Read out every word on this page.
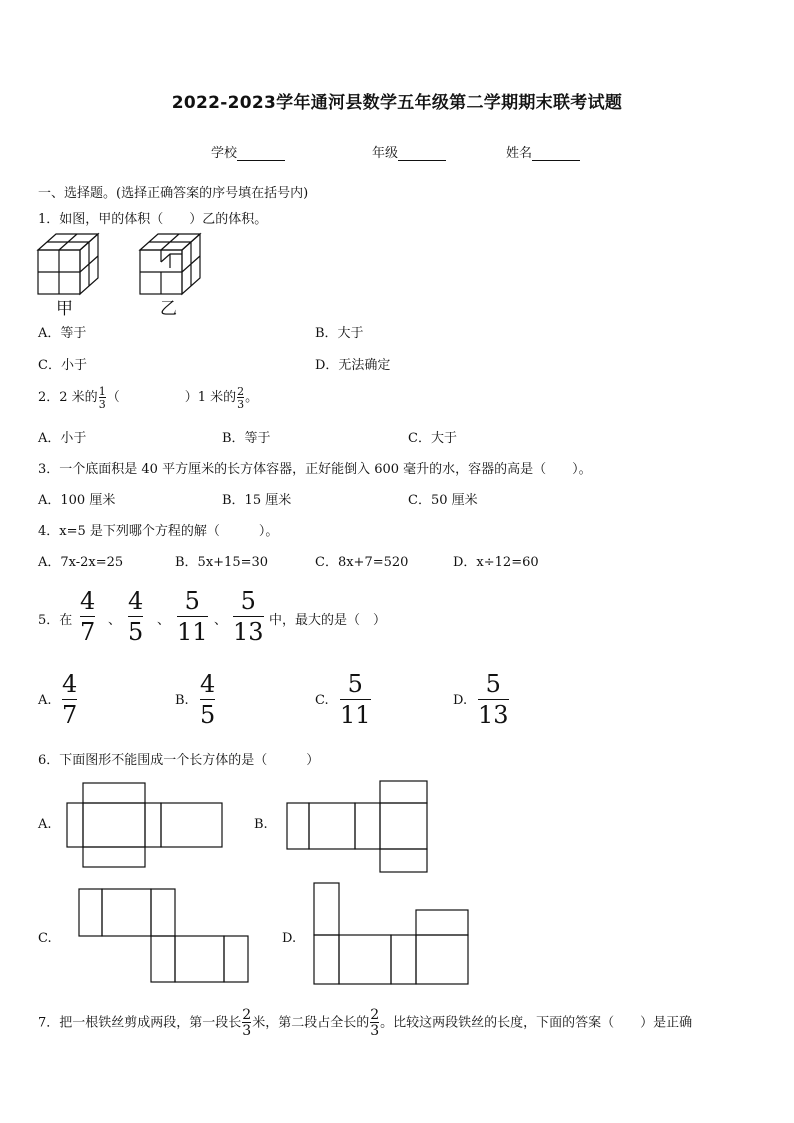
2022-2023学年通河县数学五年级第二学期期末联考试题
学校	年级	姓名
一、选择题。(选择正确答案的序号填在括号内)
1．如图，甲的体积（　　）乙的体积。
甲	乙
A．等于	B．大于
C．小于	D．无法确定
2．2 米的 $\frac{1}{3}$ （　　　　　）1 米的 $\frac{2}{3}$ 。
A．小于	B．等于	C．大于
3．一个底面积是 40 平方厘米的长方体容器，正好能倒入 600 毫升的水，容器的高是（　　）。
A．100 厘米	B．15 厘米	C．50 厘米
4．x=5 是下列哪个方程的解（　　　）。
A．7x-2x=25	B．5x+15=30	C．8x+7=520	D．x÷12=60
5．在
4
7 、
4
5 、
5
11 、
5
13 中，最大的是（　）
A.
4
7
B.
4
5
C.
5
11
D.
5
13
6．下面图形不能围成一个长方体的是（　　　）
A.	B.
C.	D.
7．把一根铁丝剪成两段，第一段长 $\frac{2}{3}$ 米，第二段占全长的 $\frac{2}{3}$ 。比较这两段铁丝的长度，下面的答案（　　）是正确
